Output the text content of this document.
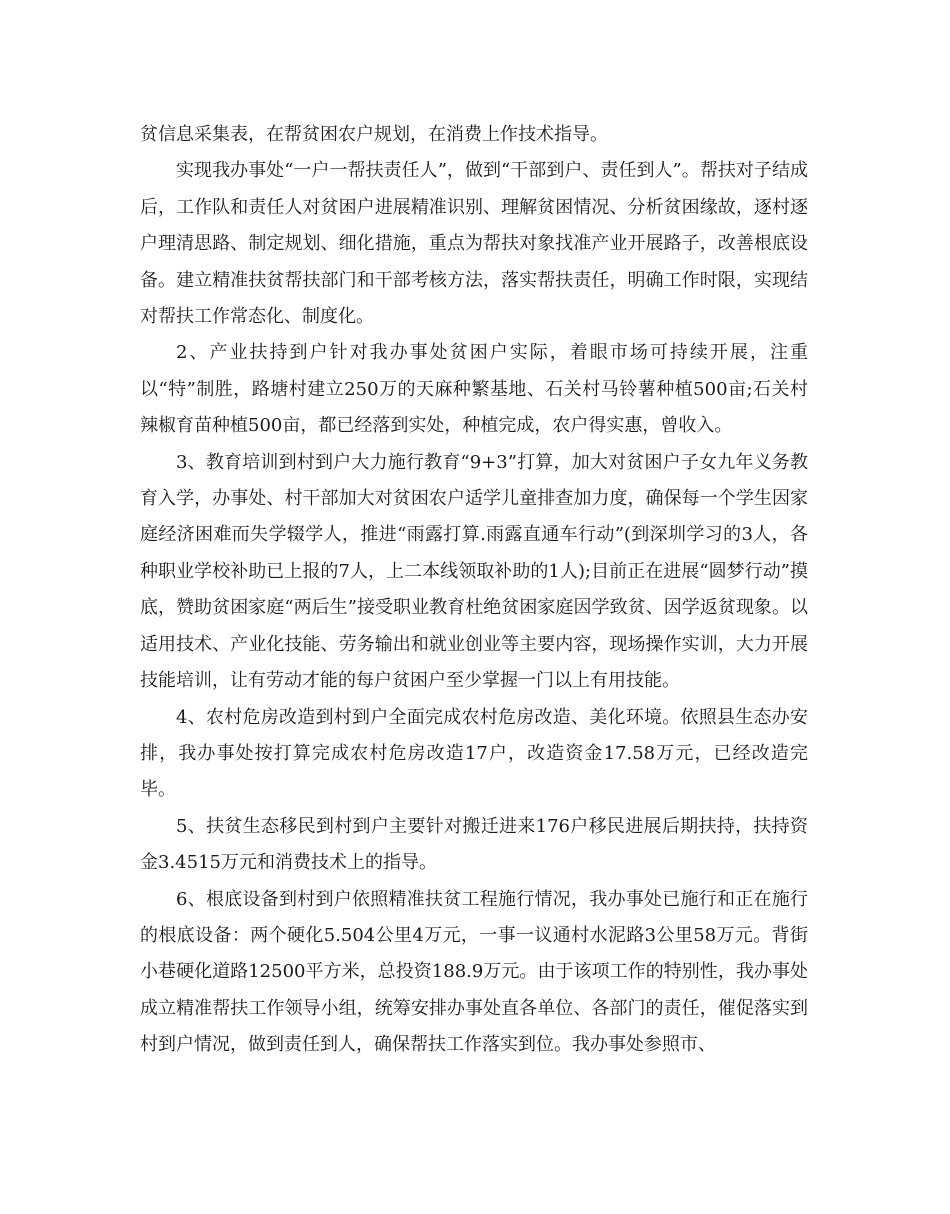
贫信息采集表，在帮贫困农户规划，在消费上作技术指导。

实现我办事处“一户一帮扶责任人”，做到“干部到户、责任到人”。帮扶对子结成后，工作队和责任人对贫困户进展精准识别、理解贫困情况、分析贫困缘故，逐村逐户理清思路、制定规划、细化措施，重点为帮扶对象找准产业开展路子，改善根底设备。建立精准扶贫帮扶部门和干部考核方法，落实帮扶责任，明确工作时限，实现结对帮扶工作常态化、制度化。

2、产业扶持到户针对我办事处贫困户实际，着眼市场可持续开展，注重以“特”制胜，路塘村建立250万的天麻种繁基地、石关村马铃薯种植500亩;石关村辣椒育苗种植500亩，都已经落到实处，种植完成，农户得实惠，曾收入。

3、教育培训到村到户大力施行教育“9+3”打算，加大对贫困户子女九年义务教育入学，办事处、村干部加大对贫困农户适学儿童排查加力度，确保每一个学生因家庭经济困难而失学辍学人，推进“雨露打算.雨露直通车行动”(到深圳学习的3人，各种职业学校补助已上报的7人，上二本线领取补助的1人);目前正在进展“圆梦行动”摸底，赞助贫困家庭“两后生”接受职业教育杜绝贫困家庭因学致贫、因学返贫现象。以适用技术、产业化技能、劳务输出和就业创业等主要内容，现场操作实训，大力开展技能培训，让有劳动才能的每户贫困户至少掌握一门以上有用技能。

4、农村危房改造到村到户全面完成农村危房改造、美化环境。依照县生态办安排，我办事处按打算完成农村危房改造17户，改造资金17.58万元，已经改造完毕。

5、扶贫生态移民到村到户主要针对搬迁进来176户移民进展后期扶持，扶持资金3.4515万元和消费技术上的指导。

6、根底设备到村到户依照精准扶贫工程施行情况，我办事处已施行和正在施行的根底设备：两个硬化5.504公里4万元，一事一议通村水泥路3公里58万元。背街小巷硬化道路12500平方米，总投资188.9万元。由于该项工作的特别性，我办事处成立精准帮扶工作领导小组，统筹安排办事处直各单位、各部门的责任，催促落实到村到户情况，做到责任到人，确保帮扶工作落实到位。我办事处参照市、
